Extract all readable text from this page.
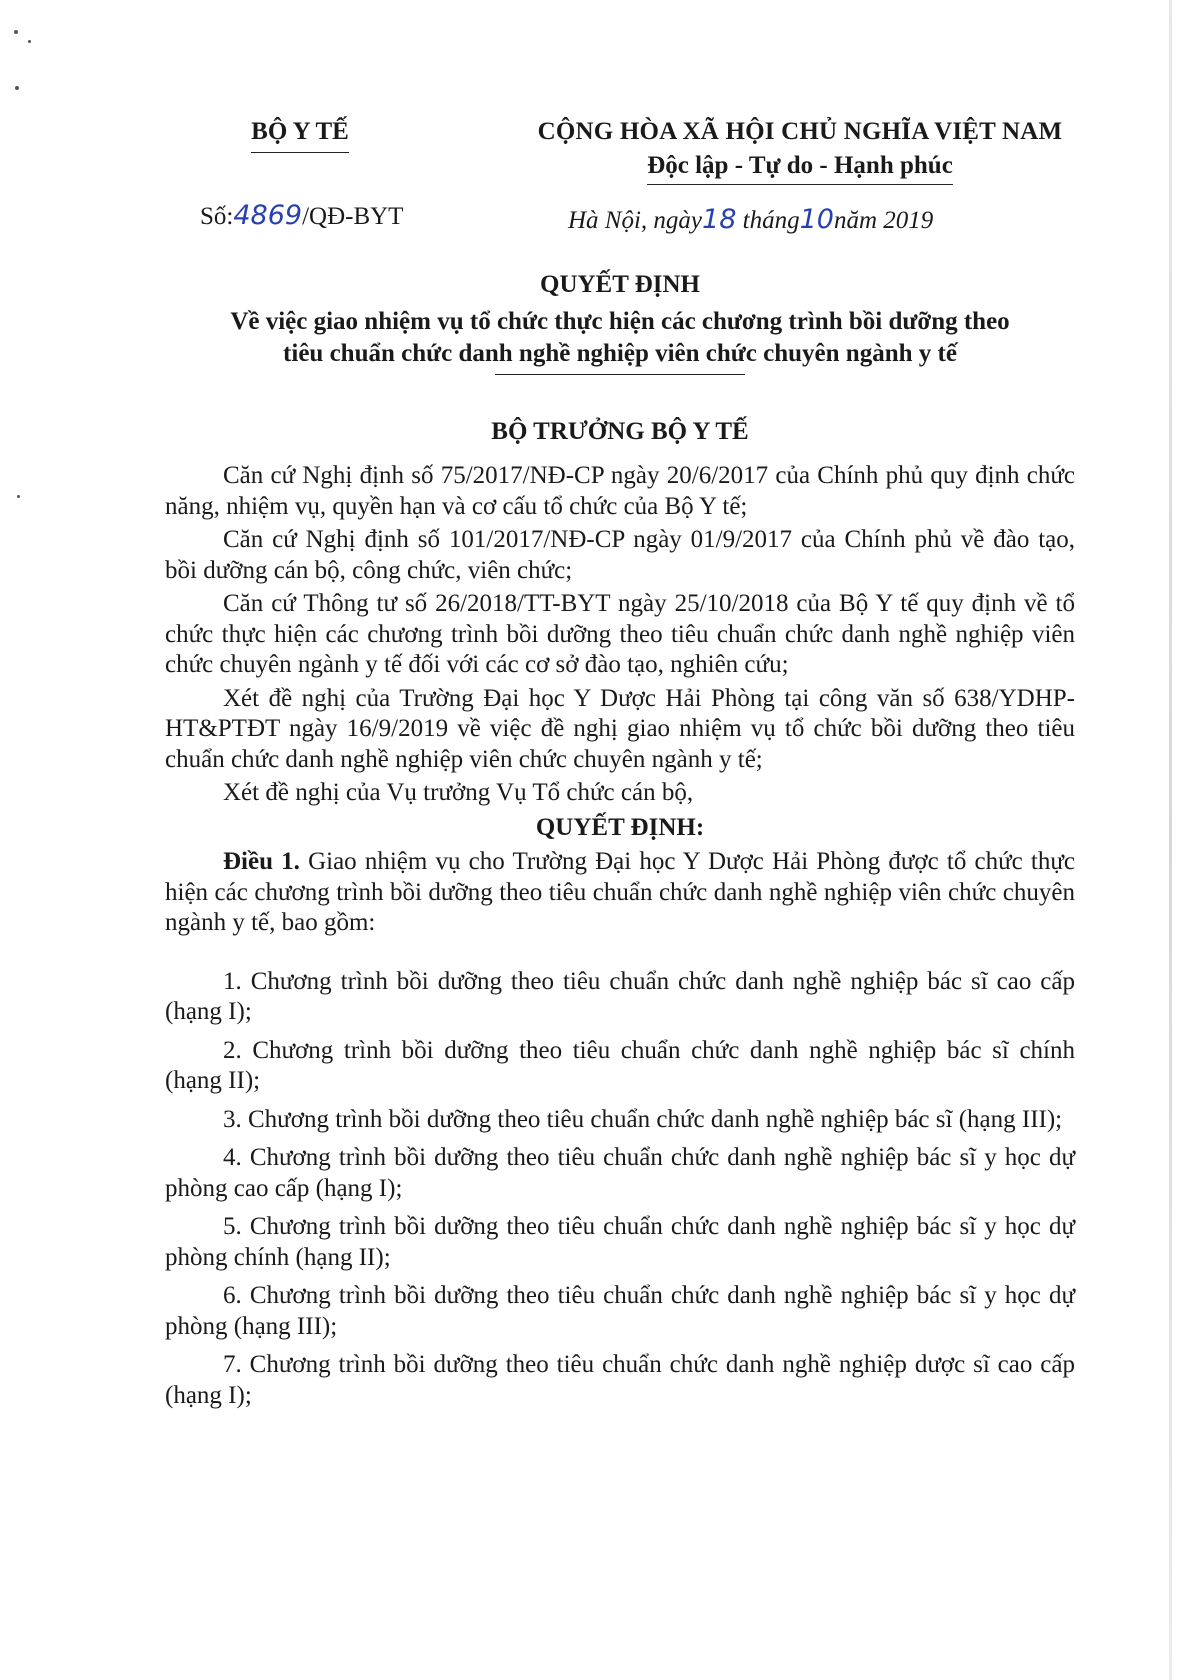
BỘ Y TẾ
Số:4869/QĐ-BYT
CỘNG HÒA XÃ HỘI CHỦ NGHĨA VIỆT NAM
Độc lập - Tự do - Hạnh phúc
Hà Nội, ngày18 tháng10năm 2019

QUYẾT ĐỊNH

Về việc giao nhiệm vụ tổ chức thực hiện các chương trình bồi dưỡng theo

tiêu chuẩn chức danh nghề nghiệp viên chức chuyên ngành y tế

BỘ TRƯỞNG BỘ Y TẾ

Căn cứ Nghị định số 75/2017/NĐ-CP ngày 20/6/2017 của Chính phủ quy định chức năng, nhiệm vụ, quyền hạn và cơ cấu tổ chức của Bộ Y tế;

Căn cứ Nghị định số 101/2017/NĐ-CP ngày 01/9/2017 của Chính phủ về đào tạo, bồi dưỡng cán bộ, công chức, viên chức;

Căn cứ Thông tư số 26/2018/TT-BYT ngày 25/10/2018 của Bộ Y tế quy định về tổ chức thực hiện các chương trình bồi dưỡng theo tiêu chuẩn chức danh nghề nghiệp viên chức chuyên ngành y tế đối với các cơ sở đào tạo, nghiên cứu;

Xét đề nghị của Trường Đại học Y Dược Hải Phòng tại công văn số 638/YDHP-HT&PTĐT ngày 16/9/2019 về việc đề nghị giao nhiệm vụ tổ chức bồi dưỡng theo tiêu chuẩn chức danh nghề nghiệp viên chức chuyên ngành y tế;

Xét đề nghị của Vụ trưởng Vụ Tổ chức cán bộ,

QUYẾT ĐỊNH:

Điều 1. Giao nhiệm vụ cho Trường Đại học Y Dược Hải Phòng được tổ chức thực hiện các chương trình bồi dưỡng theo tiêu chuẩn chức danh nghề nghiệp viên chức chuyên ngành y tế, bao gồm:

1. Chương trình bồi dưỡng theo tiêu chuẩn chức danh nghề nghiệp bác sĩ cao cấp (hạng I);

2. Chương trình bồi dưỡng theo tiêu chuẩn chức danh nghề nghiệp bác sĩ chính (hạng II);

3. Chương trình bồi dưỡng theo tiêu chuẩn chức danh nghề nghiệp bác sĩ (hạng III);

4. Chương trình bồi dưỡng theo tiêu chuẩn chức danh nghề nghiệp bác sĩ y học dự phòng cao cấp (hạng I);

5. Chương trình bồi dưỡng theo tiêu chuẩn chức danh nghề nghiệp bác sĩ y học dự phòng chính (hạng II);

6. Chương trình bồi dưỡng theo tiêu chuẩn chức danh nghề nghiệp bác sĩ y học dự phòng (hạng III);

7. Chương trình bồi dưỡng theo tiêu chuẩn chức danh nghề nghiệp dược sĩ cao cấp (hạng I);
